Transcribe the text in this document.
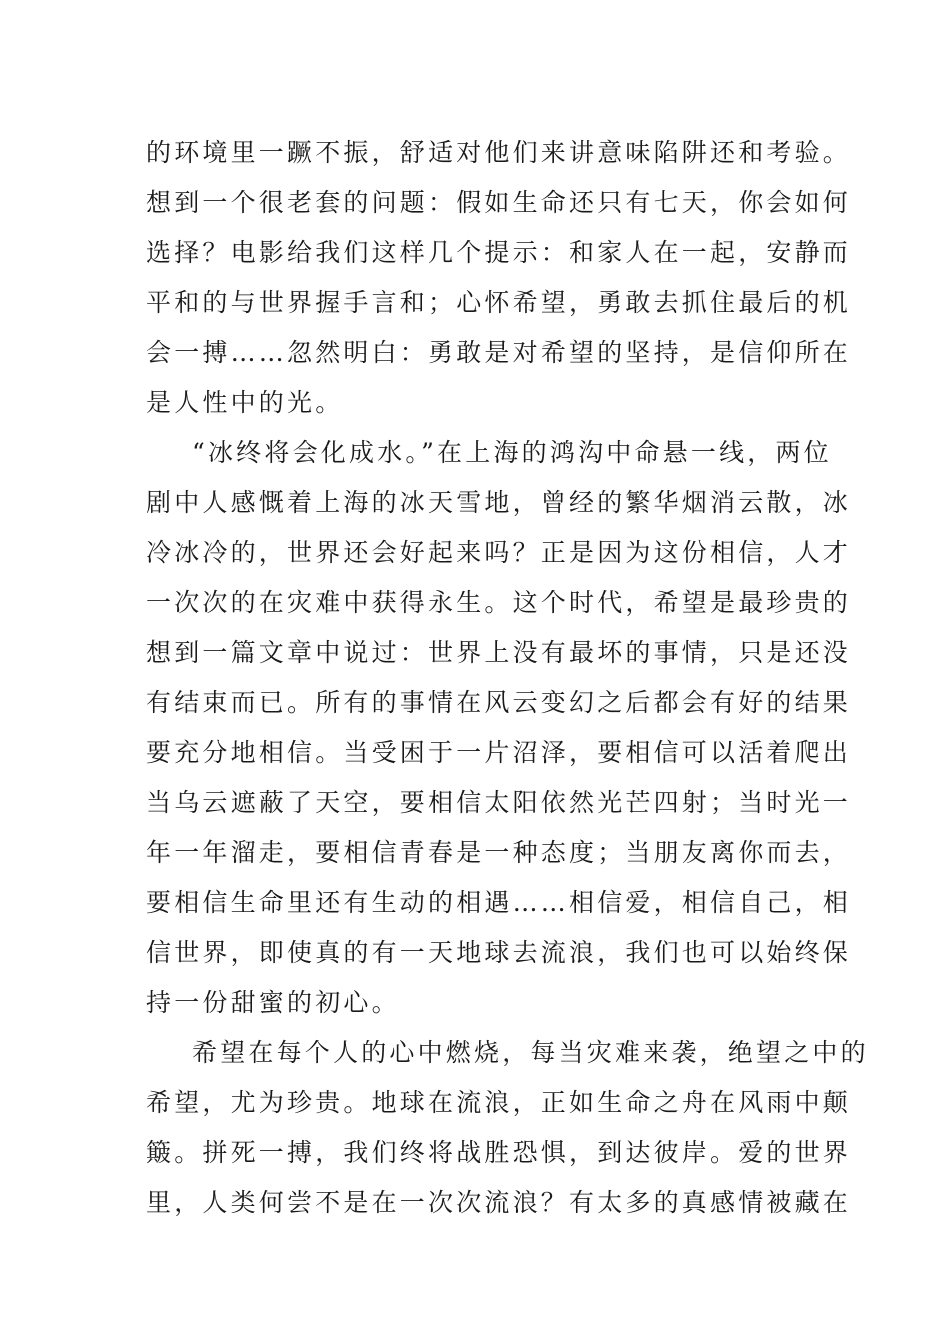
的环境里一蹶不振，舒适对他们来讲意味陷阱还和考验。
想到一个很老套的问题：假如生命还只有七天，你会如何
选择？电影给我们这样几个提示：和家人在一起，安静而
平和的与世界握手言和；心怀希望，勇敢去抓住最后的机
会一搏……忽然明白：勇敢是对希望的坚持，是信仰所在
是人性中的光。
“冰终将会化成水。”在上海的鸿沟中命悬一线，两位
剧中人感慨着上海的冰天雪地，曾经的繁华烟消云散，冰
冷冰冷的，世界还会好起来吗？正是因为这份相信，人才
一次次的在灾难中获得永生。这个时代，希望是最珍贵的
想到一篇文章中说过：世界上没有最坏的事情，只是还没
有结束而已。所有的事情在风云变幻之后都会有好的结果
要充分地相信。当受困于一片沼泽，要相信可以活着爬出
当乌云遮蔽了天空，要相信太阳依然光芒四射；当时光一
年一年溜走，要相信青春是一种态度；当朋友离你而去，
要相信生命里还有生动的相遇……相信爱，相信自己，相
信世界，即使真的有一天地球去流浪，我们也可以始终保
持一份甜蜜的初心。
希望在每个人的心中燃烧，每当灾难来袭，绝望之中的
希望，尤为珍贵。地球在流浪，正如生命之舟在风雨中颠
簸。拼死一搏，我们终将战胜恐惧，到达彼岸。爱的世界
里，人类何尝不是在一次次流浪？有太多的真感情被藏在
